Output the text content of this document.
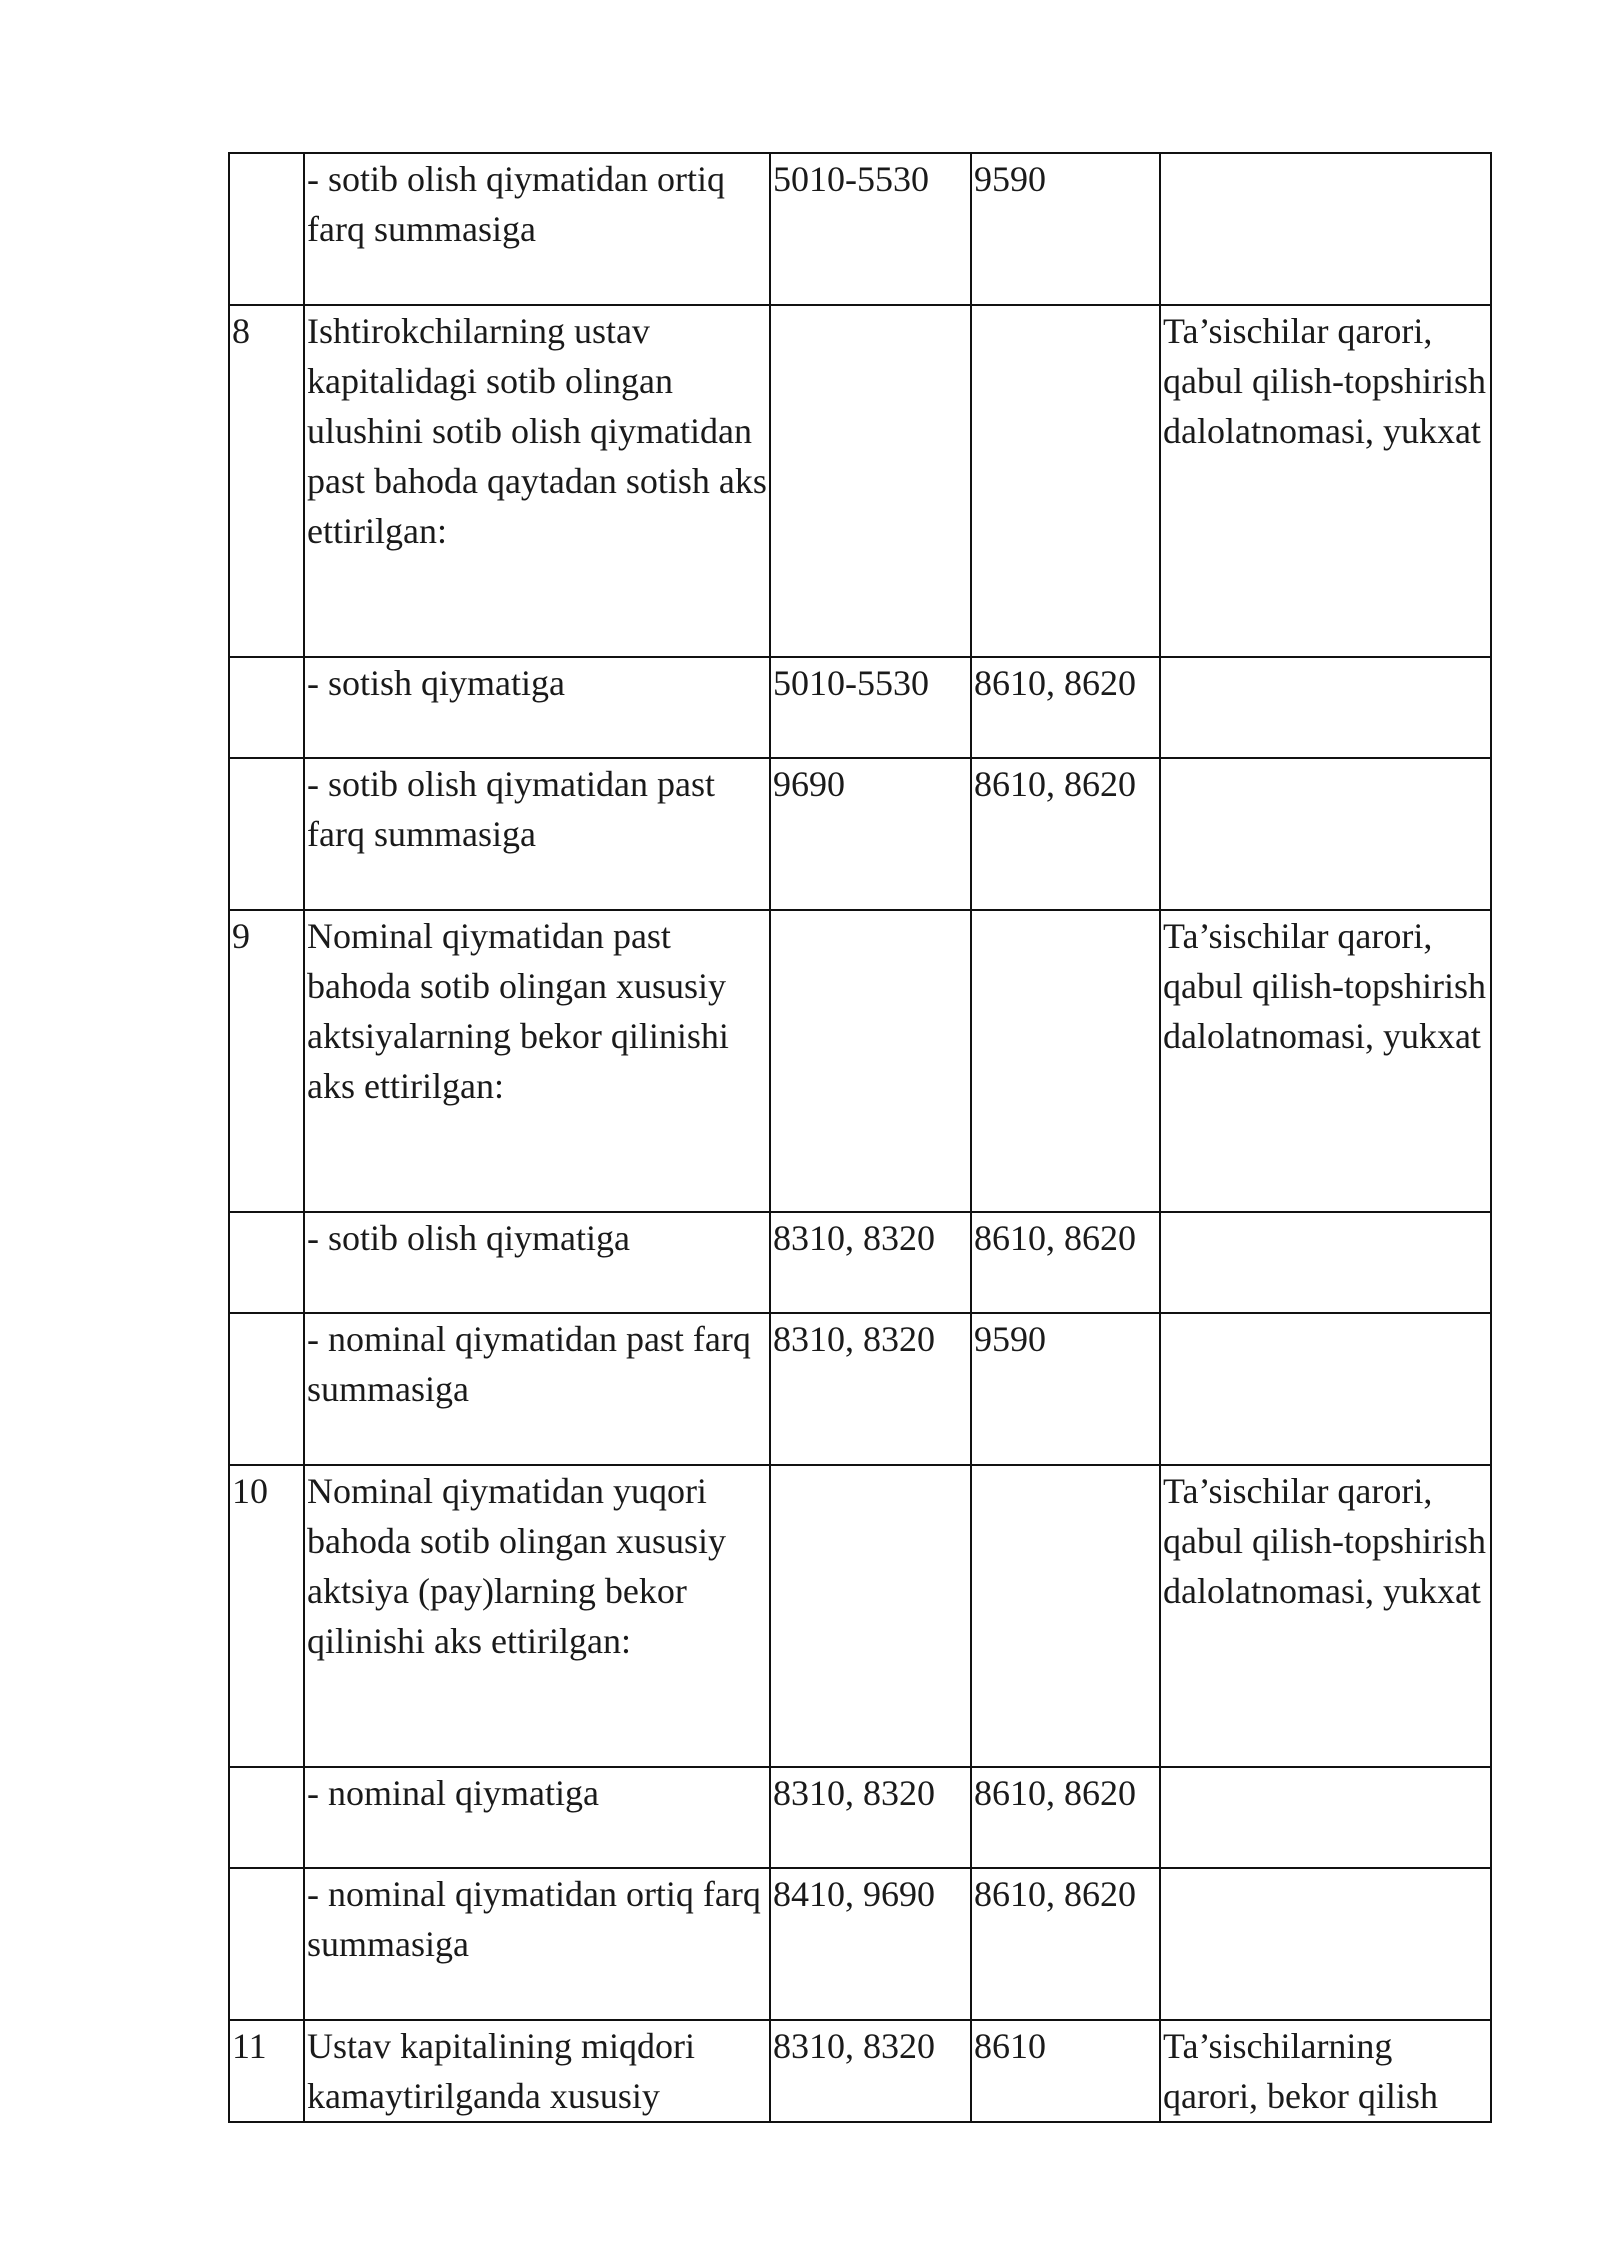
	- sotib olish qiymatidan ortiq farq summasiga	5010-5530	9590	

8	Ishtirokchilarning ustav kapitalidagi sotib olingan ulushini sotib olish qiymatidan past bahoda qaytadan sotish aks ettirilgan:			Ta’sischilar qarori, qabul qilish-topshirish dalolatnomasi, yukxat

	- sotish qiymatiga	5010-5530	8610, 8620	

	- sotib olish qiymatidan past farq summasiga	9690	8610, 8620	

9	Nominal qiymatidan past bahoda sotib olingan xususiy aktsiyalarning bekor qilinishi aks ettirilgan:			Ta’sischilar qarori, qabul qilish-topshirish dalolatnomasi, yukxat

	- sotib olish qiymatiga	8310, 8320	8610, 8620	

	- nominal qiymatidan past farq summasiga	8310, 8320	9590	

10	Nominal qiymatidan yuqori bahoda sotib olingan xususiy aktsiya (pay)larning bekor qilinishi aks ettirilgan:			Ta’sischilar qarori, qabul qilish-topshirish dalolatnomasi, yukxat

	- nominal qiymatiga	8310, 8320	8610, 8620	

	- nominal qiymatidan ortiq farq summasiga	8410, 9690	8610, 8620	

11	Ustav kapitalining miqdori kamaytirilganda xususiy	8310, 8320	8610	Ta’sischilarning qarori, bekor qilish
